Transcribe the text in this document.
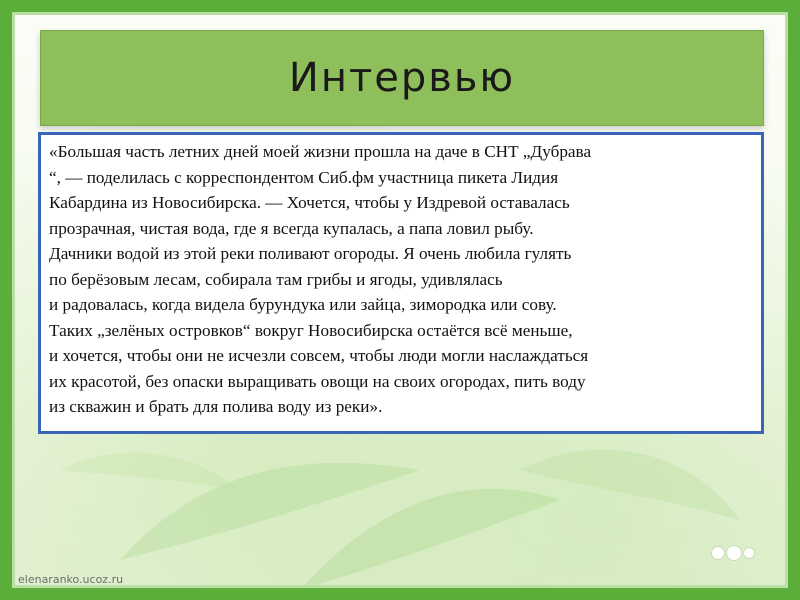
Интервью

«Большая часть летних дней моей жизни прошла на даче в СНТ „Дубрава
“, — поделилась с корреспондентом Сиб.фм участница пикета Лидия
Кабардина из Новосибирска. — Хочется, чтобы у Издревой оставалась
прозрачная, чистая вода, где я всегда купалась, а папа ловил рыбу.
Дачники водой из этой реки поливают огороды. Я очень любила гулять
по берёзовым лесам, собирала там грибы и ягоды, удивлялась
и радовалась, когда видела бурундука или зайца, зимородка или сову.
Таких „зелёных островков“ вокруг Новосибирска остаётся всё меньше,
и хочется, чтобы они не исчезли совсем, чтобы люди могли наслаждаться
их красотой, без опаски выращивать овощи на своих огородах, пить воду
из скважин и брать для полива воду из реки».

elenaranko.ucoz.ru
